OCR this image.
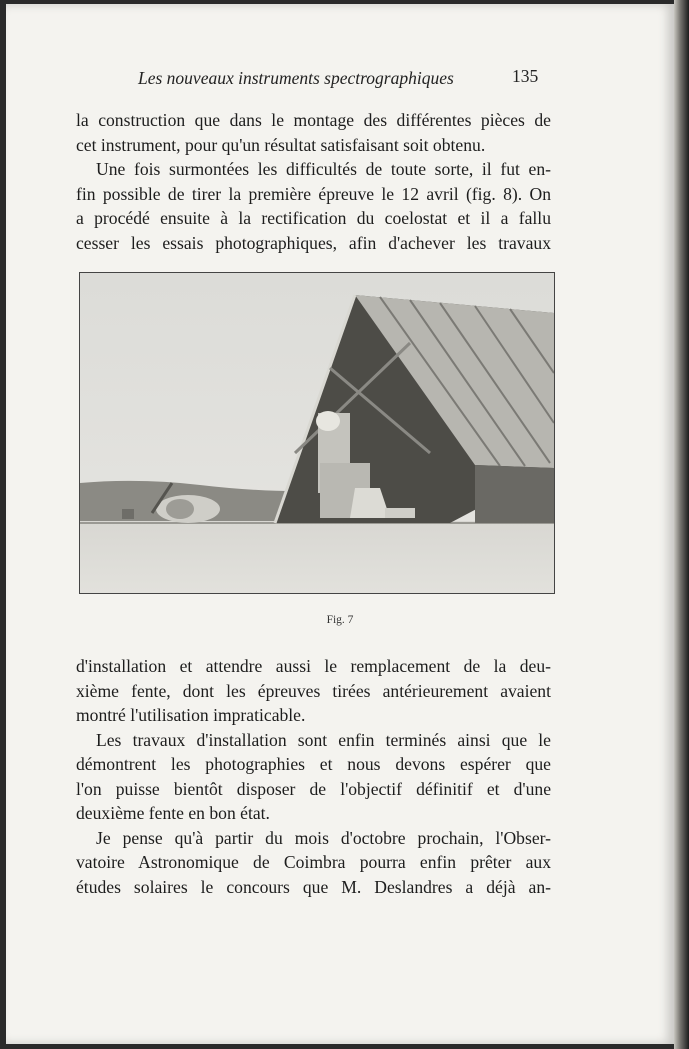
Les nouveaux instruments spectrographiques	135
la construction que dans le montage des différentes pièces de
cet instrument, pour qu'un résultat satisfaisant soit obtenu.
Une fois surmontées les difficultés de toute sorte, il fut en-
fin possible de tirer la première épreuve le 12 avril (fig. 8). On
a procédé ensuite à la rectification du coelostat et il a fallu
cesser les essais photographiques, afin d'achever les travaux
Fig. 7
d'installation et attendre aussi le remplacement de la deu-
xième fente, dont les épreuves tirées antérieurement avaient
montré l'utilisation impraticable.
Les travaux d'installation sont enfin terminés ainsi que le
démontrent les photographies et nous devons espérer que
l'on puisse bientôt disposer de l'objectif définitif et d'une
deuxième fente en bon état.
Je pense qu'à partir du mois d'octobre prochain, l'Obser-
vatoire Astronomique de Coimbra pourra enfin prêter aux
études solaires le concours que M. Deslandres a déjà an-
